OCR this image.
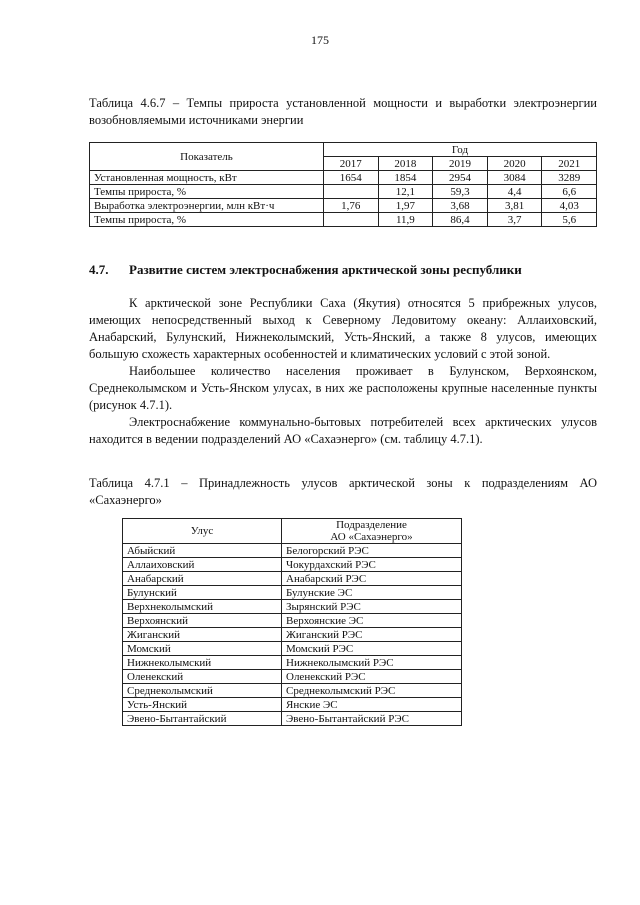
175
Таблица 4.6.7 – Темпы прироста установленной мощности и выработки электроэнергии возобновляемыми источниками энергии
Показатель	Год				
	2017	2018	2019	2020	2021
Установленная мощность, кВт	1654	1854	2954	3084	3289
Темпы прироста, %		12,1	59,3	4,4	6,6
Выработка электроэнергии, млн кВт·ч	1,76	1,97	3,68	3,81	4,03
Темпы прироста, %		11,9	86,4	3,7	5,6
4.7. Развитие систем электроснабжения арктической зоны республики

К арктической зоне Республики Саха (Якутия) относятся 5 прибрежных улусов, имеющих непосредственный выход к Северному Ледовитому океану: Аллаиховский, Анабарский, Булунский, Нижнеколымский, Усть-Янский, а также 8 улусов, имеющих большую схожесть характерных особенностей и климатических условий с этой зоной.

Наибольшее количество населения проживает в Булунском, Верхоянском, Среднеколымском и Усть-Янском улусах, в них же расположены крупные населенные пункты (рисунок 4.7.1).

Электроснабжение коммунально-бытовых потребителей всех арктических улусов находится в ведении подразделений АО «Сахаэнерго» (см. таблицу 4.7.1).

Таблица 4.7.1 – Принадлежность улусов арктической зоны к подразделениям АО «Сахаэнерго»
Улус	Подразделение
АО «Сахаэнерго»

Абыйский	Белогорский РЭС
Аллаиховский	Чокурдахский РЭС
Анабарский	Анабарский РЭС
Булунский	Булунские ЭС
Верхнеколымский	Зырянский РЭС
Верхоянский	Верхоянские ЭС
Жиганский	Жиганский РЭС
Момский	Момский РЭС
Нижнеколымский	Нижнеколымский РЭС
Оленекский	Оленекский РЭС
Среднеколымский	Среднеколымский РЭС
Усть-Янский	Янские ЭС
Эвено-Бытантайский	Эвено-Бытантайский РЭС
